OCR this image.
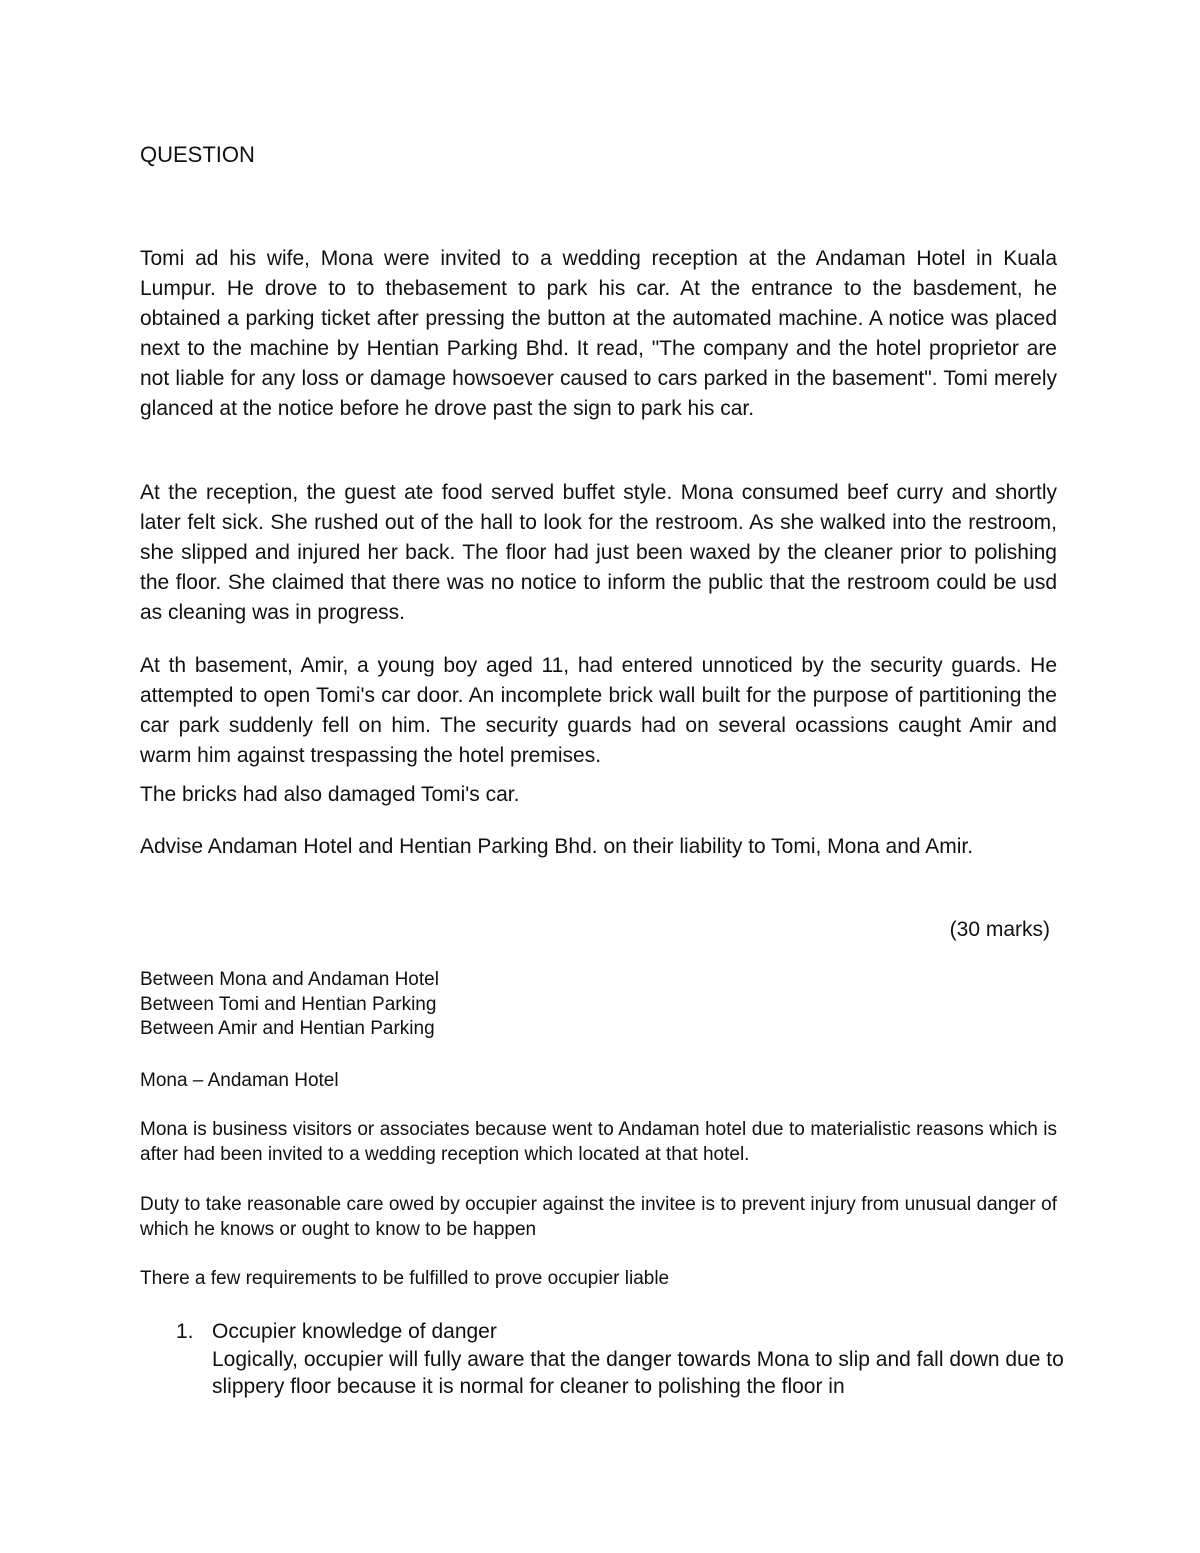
QUESTION

Tomi ad his wife, Mona were invited to a wedding reception at the Andaman Hotel in Kuala Lumpur. He drove to to thebasement to park his car. At the entrance to the basdement, he obtained a parking ticket after pressing the button at the automated machine. A notice was placed next to the machine by Hentian Parking Bhd. It read, "The company and the hotel proprietor are not liable for any loss or damage howsoever caused to cars parked in the basement". Tomi merely glanced at the notice before he drove past the sign to park his car.

At the reception, the guest ate food served buffet style. Mona consumed beef curry and shortly later felt sick. She rushed out of the hall to look for the restroom. As she walked into the restroom, she slipped and injured her back. The floor had just been waxed by the cleaner prior to polishing the floor. She claimed that there was no notice to inform the public that the restroom could be usd as cleaning was in progress.

At th basement, Amir, a young boy aged 11, had entered unnoticed by the security guards. He attempted to open Tomi's car door. An incomplete brick wall built for the purpose of partitioning the car park suddenly fell on him. The security guards had on several ocassions caught Amir and warm him against trespassing the hotel premises.

The bricks had also damaged Tomi's car.

Advise Andaman Hotel and Hentian Parking Bhd. on their liability to Tomi, Mona and Amir.

(30 marks)

Between Mona and Andaman Hotel
Between Tomi and Hentian Parking
Between Amir and Hentian Parking

Mona – Andaman Hotel

Mona is business visitors or associates because went to Andaman hotel due to materialistic reasons which is after had been invited to a wedding reception which located at that hotel.

Duty to take reasonable care owed by occupier against the invitee is to prevent injury from unusual danger of which he knows or ought to know to be happen

There a few requirements to be fulfilled to prove occupier liable

1. Occupier knowledge of danger
Logically, occupier will fully aware that the danger towards Mona to slip and fall down due to slippery floor because it is normal for cleaner to polishing the floor in
